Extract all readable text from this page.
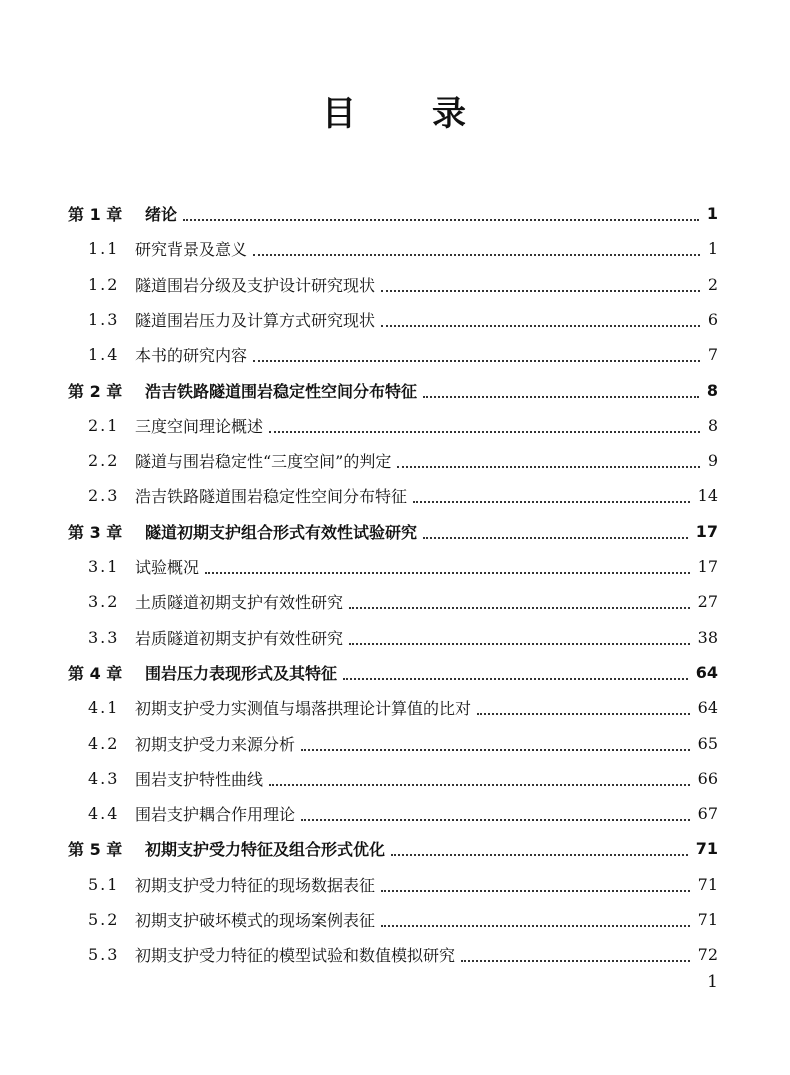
目 录
第 1 章 绪论	1
1.1 研究背景及意义	1
1.2 隧道围岩分级及支护设计研究现状	2
1.3 隧道围岩压力及计算方式研究现状	6
1.4 本书的研究内容	7
第 2 章 浩吉铁路隧道围岩稳定性空间分布特征	8
2.1 三度空间理论概述	8
2.2 隧道与围岩稳定性“三度空间”的判定	9
2.3 浩吉铁路隧道围岩稳定性空间分布特征	14
第 3 章 隧道初期支护组合形式有效性试验研究	17
3.1 试验概况	17
3.2 土质隧道初期支护有效性研究	27
3.3 岩质隧道初期支护有效性研究	38
第 4 章 围岩压力表现形式及其特征	64
4.1 初期支护受力实测值与塌落拱理论计算值的比对	64
4.2 初期支护受力来源分析	65
4.3 围岩支护特性曲线	66
4.4 围岩支护耦合作用理论	67
第 5 章 初期支护受力特征及组合形式优化	71
5.1 初期支护受力特征的现场数据表征	71
5.2 初期支护破坏模式的现场案例表征	71
5.3 初期支护受力特征的模型试验和数值模拟研究	72
1
